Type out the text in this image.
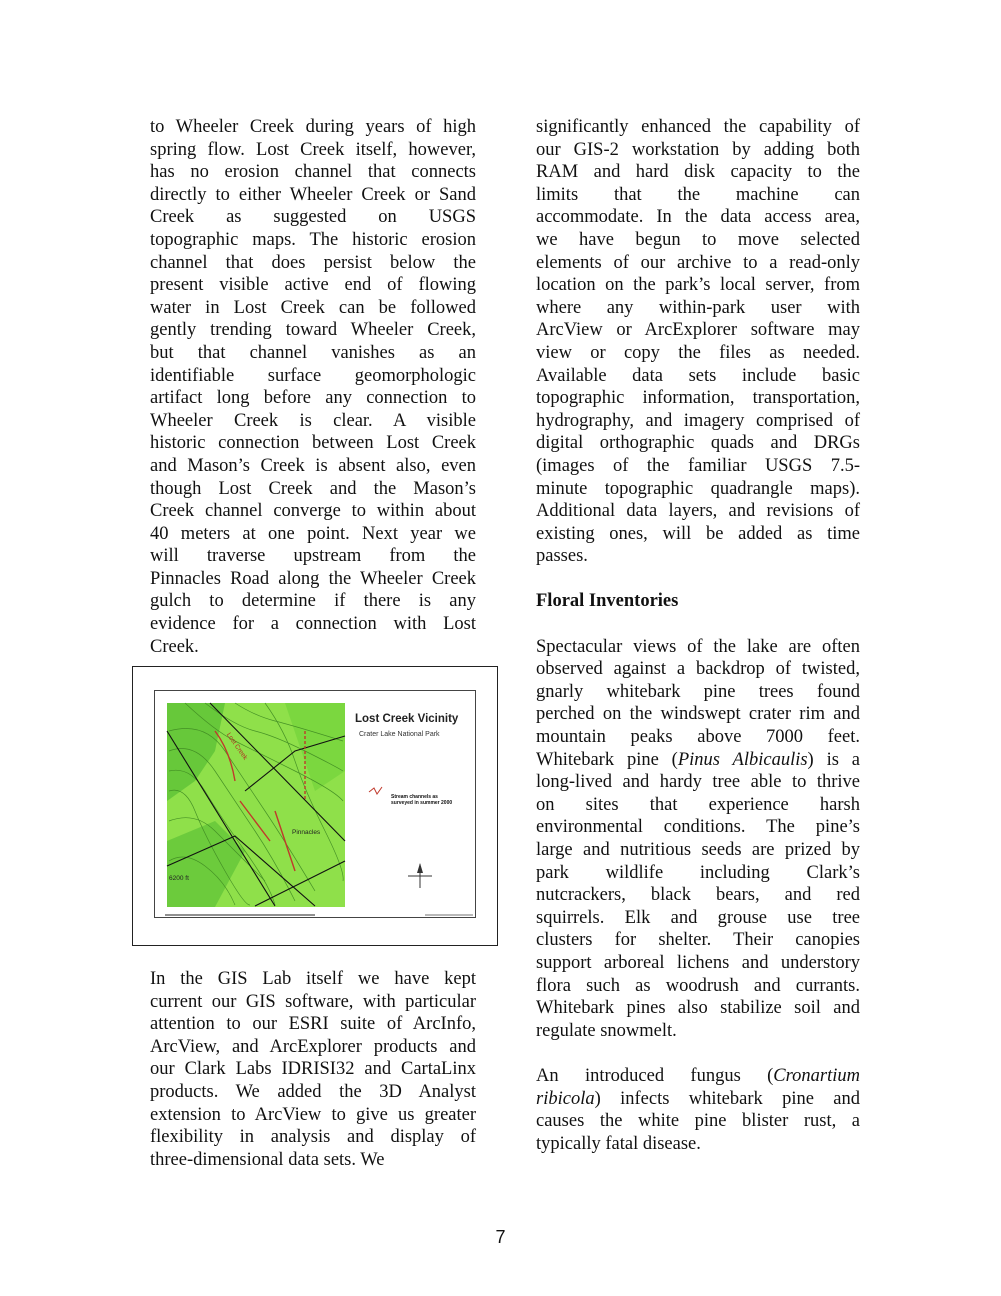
to Wheeler Creek during years of high

spring flow. Lost Creek itself, however,

has no erosion channel that connects

directly to either Wheeler Creek or Sand

Creek as suggested on USGS

topographic maps. The historic erosion

channel that does persist below the

present visible active end of flowing

water in Lost Creek can be followed

gently trending toward Wheeler Creek,

but that channel vanishes as an

identifiable surface geomorphologic

artifact long before any connection to

Wheeler Creek is clear. A visible

historic connection between Lost Creek

and Mason’s Creek is absent also, even

though Lost Creek and the Mason’s

Creek channel converge to within about

40 meters at one point. Next year we

will traverse upstream from the

Pinnacles Road along the Wheeler Creek

gulch to determine if there is any

evidence for a connection with Lost

Creek.

In the GIS Lab itself we have kept

current our GIS software, with particular

attention to our ESRI suite of ArcInfo,

ArcView, and ArcExplorer products and

our Clark Labs IDRISI32 and CartaLinx

products. We added the 3D Analyst

extension to ArcView to give us greater

flexibility in analysis and display of

three-dimensional data sets. We

Lost Creek Vicinity
Crater Lake National Park
Stream channels as
surveyed in summer 2000
Lost Creek
Pinnacles
6200 ft

significantly enhanced the capability of

our GIS-2 workstation by adding both

RAM and hard disk capacity to the

limits that the machine can

accommodate. In the data access area,

we have begun to move selected

elements of our archive to a read-only

location on the park’s local server, from

where any within-park user with

ArcView or ArcExplorer software may

view or copy the files as needed.

Available data sets include basic

topographic information, transportation,

hydrography, and imagery comprised of

digital orthographic quads and DRGs

(images of the familiar USGS 7.5-

minute topographic quadrangle maps).

Additional data layers, and revisions of

existing ones, will be added as time

passes.

Floral Inventories

Spectacular views of the lake are often

observed against a backdrop of twisted,

gnarly whitebark pine trees found

perched on the windswept crater rim and

mountain peaks above 7000 feet.

Whitebark pine (Pinus Albicaulis) is a

long-lived and hardy tree able to thrive

on sites that experience harsh

environmental conditions. The pine’s

large and nutritious seeds are prized by

park wildlife including Clark’s

nutcrackers, black bears, and red

squirrels. Elk and grouse use tree

clusters for shelter. Their canopies

support arboreal lichens and understory

flora such as woodrush and currants.

Whitebark pines also stabilize soil and

regulate snowmelt.

An introduced fungus (Cronartium

ribicola) infects whitebark pine and

causes the white pine blister rust, a

typically fatal disease.

7
